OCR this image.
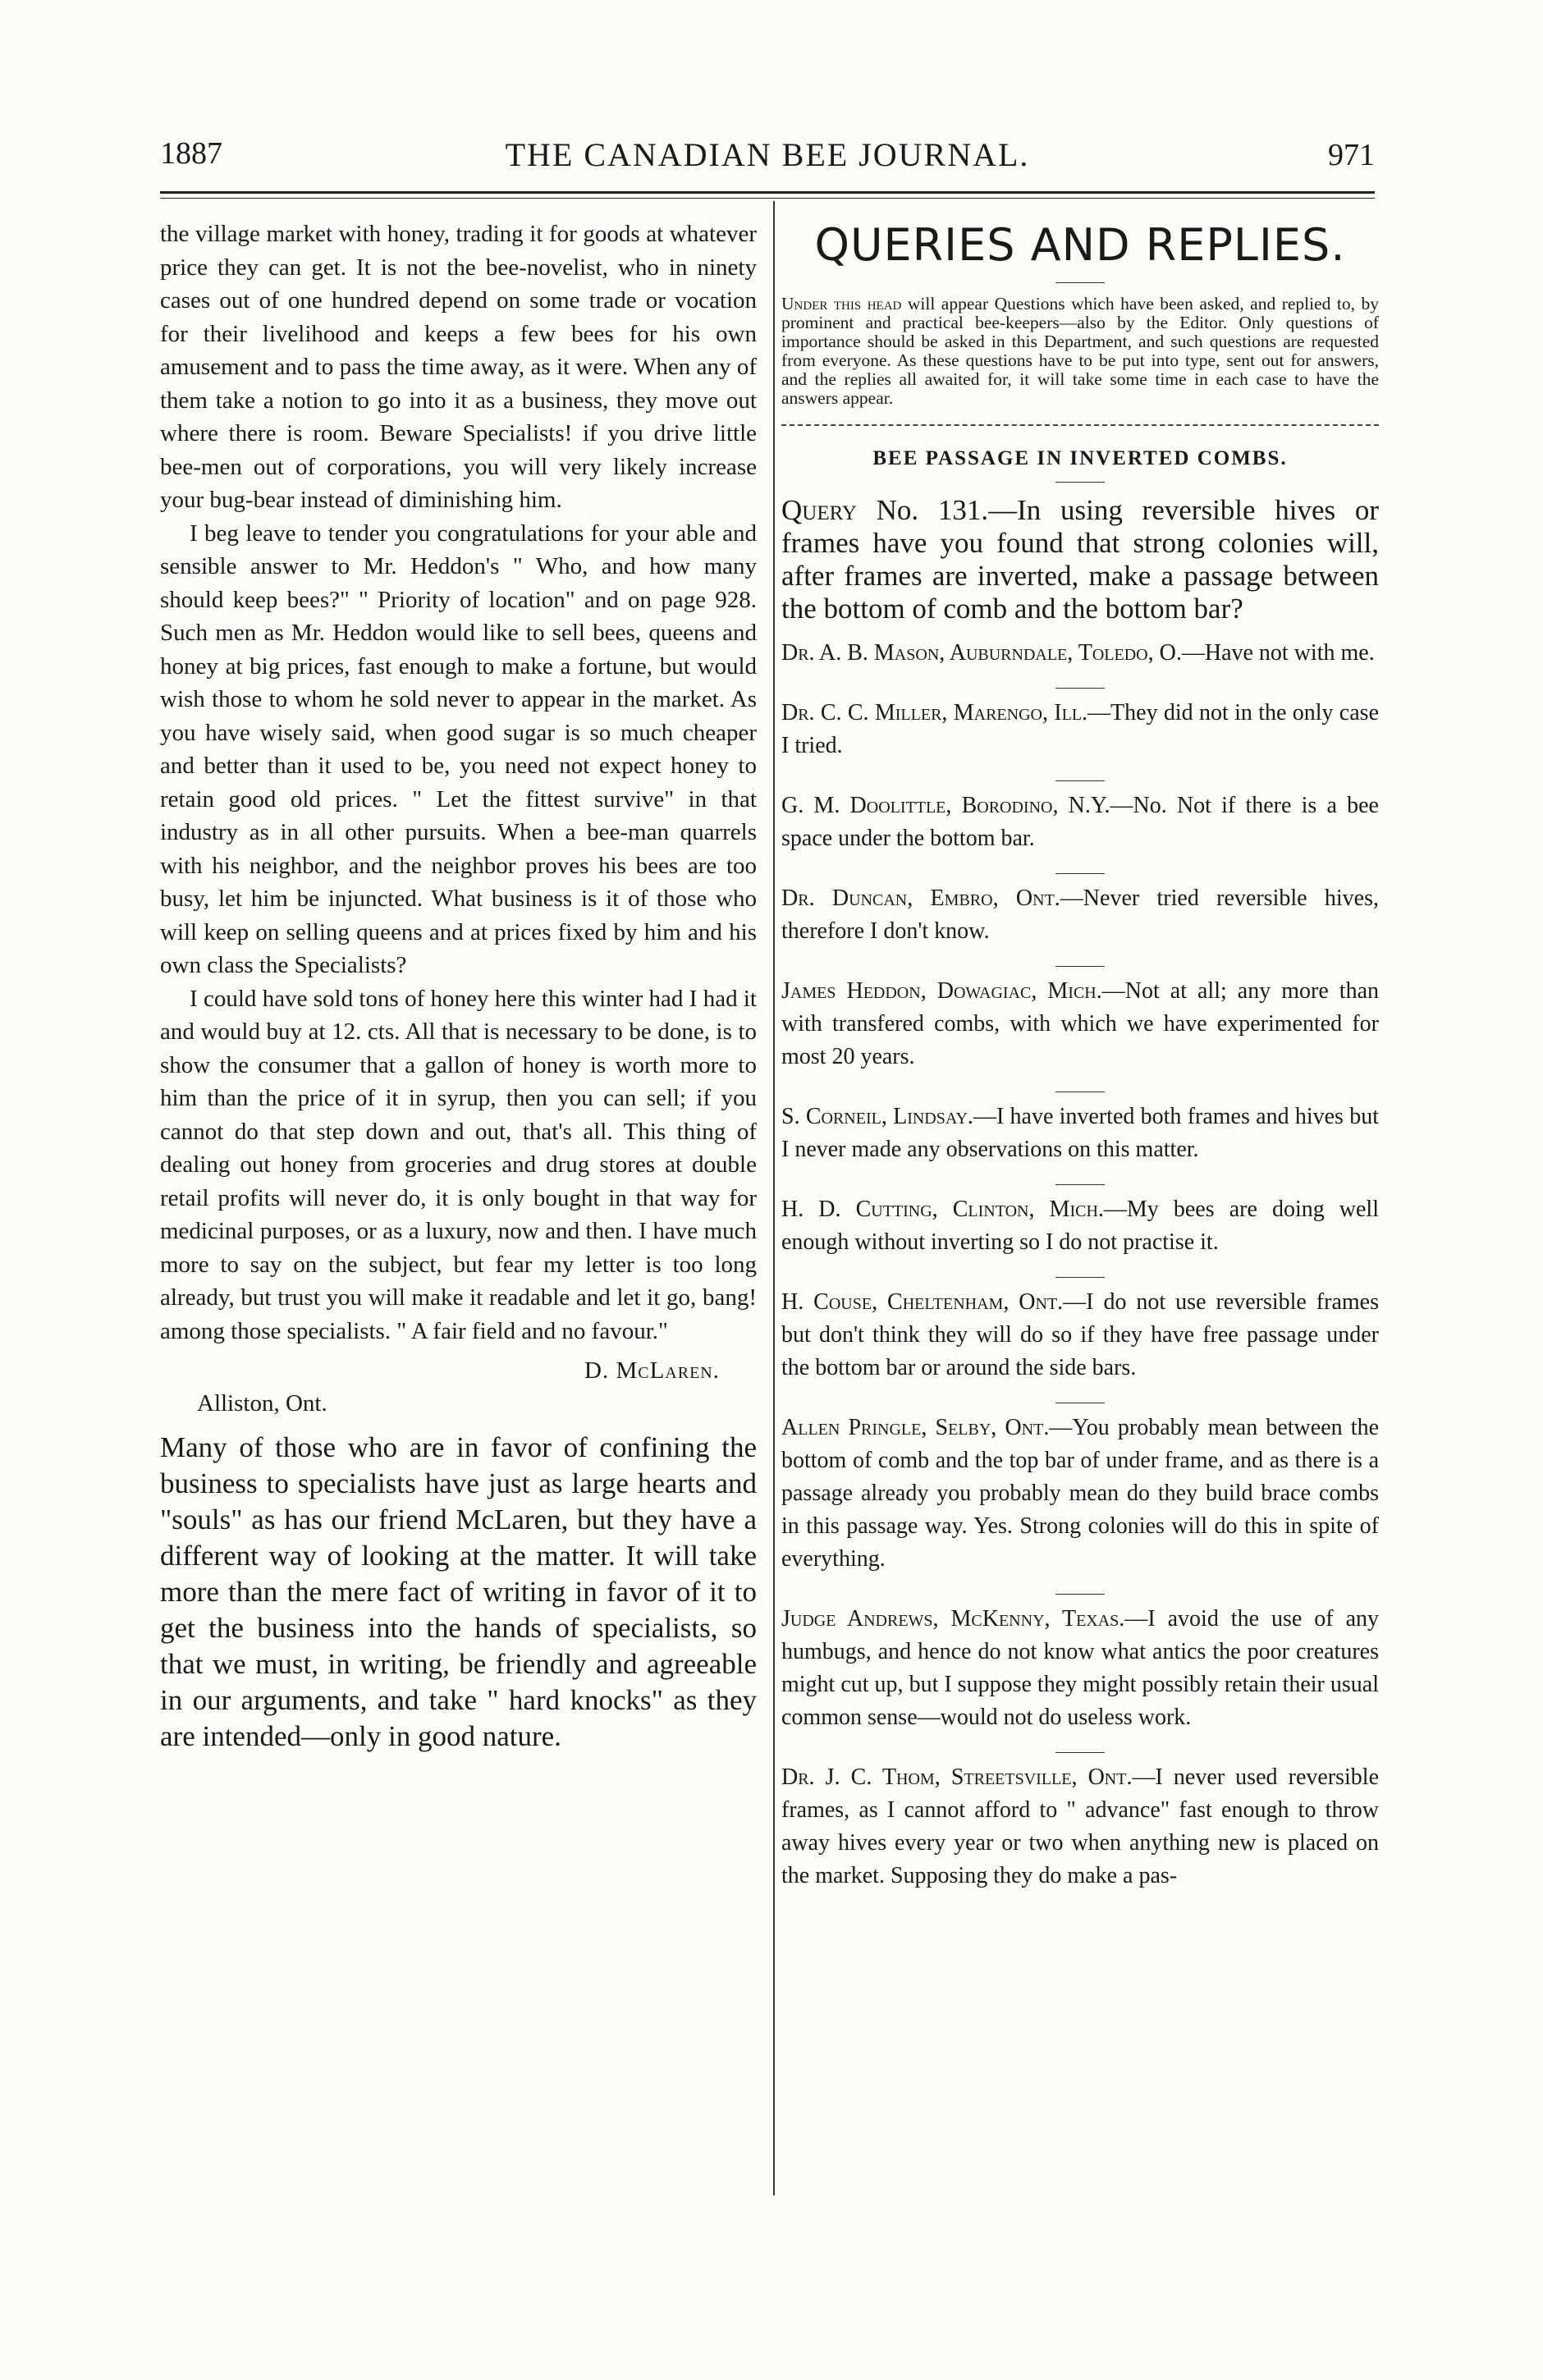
1887	THE CANADIAN BEE JOURNAL.	971

the village market with honey, trading it for goods at whatever price they can get. It is not the bee-novelist, who in ninety cases out of one hundred depend on some trade or vocation for their livelihood and keeps a few bees for his own amusement and to pass the time away, as it were. When any of them take a notion to go into it as a business, they move out where there is room. Beware Specialists! if you drive little bee-men out of corporations, you will very likely increase your bug-bear instead of diminishing him.

I beg leave to tender you congratulations for your able and sensible answer to Mr. Heddon's " Who, and how many should keep bees?" " Priority of location" and on page 928. Such men as Mr. Heddon would like to sell bees, queens and honey at big prices, fast enough to make a fortune, but would wish those to whom he sold never to appear in the market. As you have wisely said, when good sugar is so much cheaper and better than it used to be, you need not expect honey to retain good old prices. " Let the fittest survive" in that industry as in all other pursuits. When a bee-man quarrels with his neighbor, and the neighbor proves his bees are too busy, let him be injuncted. What business is it of those who will keep on selling queens and at prices fixed by him and his own class the Specialists?

I could have sold tons of honey here this winter had I had it and would buy at 12. cts. All that is necessary to be done, is to show the consumer that a gallon of honey is worth more to him than the price of it in syrup, then you can sell; if you cannot do that step down and out, that's all. This thing of dealing out honey from groceries and drug stores at double retail profits will never do, it is only bought in that way for medicinal purposes, or as a luxury, now and then. I have much more to say on the subject, but fear my letter is too long already, but trust you will make it readable and let it go, bang! among those specialists. " A fair field and no favour."

D. McLaren.

Alliston, Ont.

Many of those who are in favor of confining the business to specialists have just as large hearts and "souls" as has our friend McLaren, but they have a different way of looking at the matter. It will take more than the mere fact of writing in favor of it to get the business into the hands of specialists, so that we must, in writing, be friendly and agreeable in our arguments, and take " hard knocks" as they are intended—only in good nature.

QUERIES AND REPLIES.

Under this head will appear Questions which have been asked, and replied to, by prominent and practical bee-keepers—also by the Editor. Only questions of importance should be asked in this Department, and such questions are requested from everyone. As these questions have to be put into type, sent out for answers, and the replies all awaited for, it will take some time in each case to have the answers appear.

BEE PASSAGE IN INVERTED COMBS.

Query No. 131.—In using reversible hives or frames have you found that strong colonies will, after frames are inverted, make a passage between the bottom of comb and the bottom bar?

Dr. A. B. Mason, Auburndale, Toledo, O.—Have not with me.

Dr. C. C. Miller, Marengo, Ill.—They did not in the only case I tried.

G. M. Doolittle, Borodino, N.Y.—No. Not if there is a bee space under the bottom bar.

Dr. Duncan, Embro, Ont.—Never tried reversible hives, therefore I don't know.

James Heddon, Dowagiac, Mich.—Not at all; any more than with transfered combs, with which we have experimented for most 20 years.

S. Corneil, Lindsay.—I have inverted both frames and hives but I never made any observations on this matter.

H. D. Cutting, Clinton, Mich.—My bees are doing well enough without inverting so I do not practise it.

H. Couse, Cheltenham, Ont.—I do not use reversible frames but don't think they will do so if they have free passage under the bottom bar or around the side bars.

Allen Pringle, Selby, Ont.—You probably mean between the bottom of comb and the top bar of under frame, and as there is a passage already you probably mean do they build brace combs in this passage way. Yes. Strong colonies will do this in spite of everything.

Judge Andrews, McKenny, Texas.—I avoid the use of any humbugs, and hence do not know what antics the poor creatures might cut up, but I suppose they might possibly retain their usual common sense—would not do useless work.

Dr. J. C. Thom, Streetsville, Ont.—I never used reversible frames, as I cannot afford to " advance" fast enough to throw away hives every year or two when anything new is placed on the market. Supposing they do make a pas-
